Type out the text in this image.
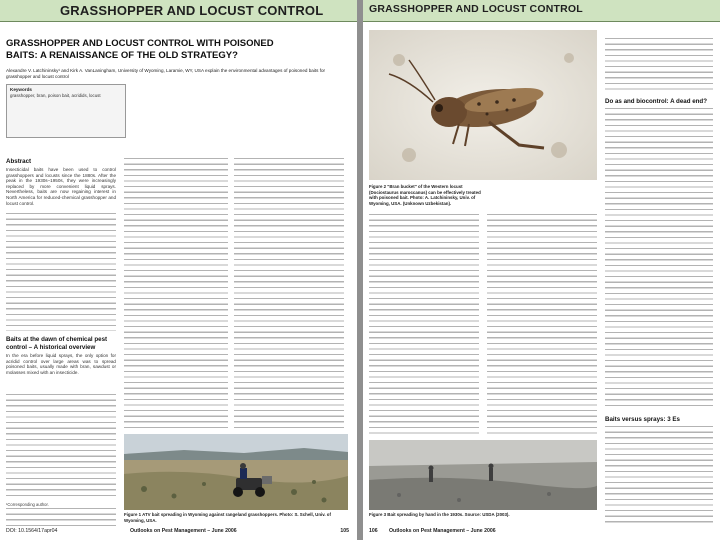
GRASSHOPPER AND LOCUST CONTROL
GRASSHOPPER AND LOCUST CONTROL WITH POISONED BAITS: A RENAISSANCE OF THE OLD STRATEGY?
Alexandre V. Latchininsky¹ and Kirk A. VanLaningham, University of Wyoming, Laramie, WY, USA explain the environmental advantages of poisoned baits for grasshopper and locust control
Keywords
grasshopper, bran, poison bait, acridids, locust
Abstract
Insecticidal baits have been used to control grasshoppers and locusts since the 1880s. After the peak in the 1930s–1950s, they were increasingly replaced by more convenient liquid sprays. Nevertheless, baits are now regaining interest in North America for reduced-chemical grasshopper and locust control.
Baits at the dawn of chemical pest control – A historical overview
In the era before liquid sprays, the only option for acridid control over large areas was to spread poisoned baits, usually made with bran, sawdust or molasses mixed with an insecticide.
¹Corresponding author.
Figure 1 ATV bait spreading in Wyoming against rangeland grasshoppers. Photo: S. Schell, Univ. of Wyoming, USA.
DOI: 10.1564/17apr04	Outlooks on Pest Management – June 2006	105
GRASSHOPPER AND LOCUST CONTROL
Figure 2 "Bran bucket" of the Western locust (Dociostaurus maroccanus) can be effectively treated with poisoned bait. Photo: A. Latchininsky, Univ. of Wyoming, USA. (Unknown Uzbekistan).
Figure 3 Bait spreading by hand in the 1930s. Source: USDA (2003).
Do as and biocontrol: A dead end?
Baits versus sprays: 3 Es
106 Outlooks on Pest Management – June 2006
